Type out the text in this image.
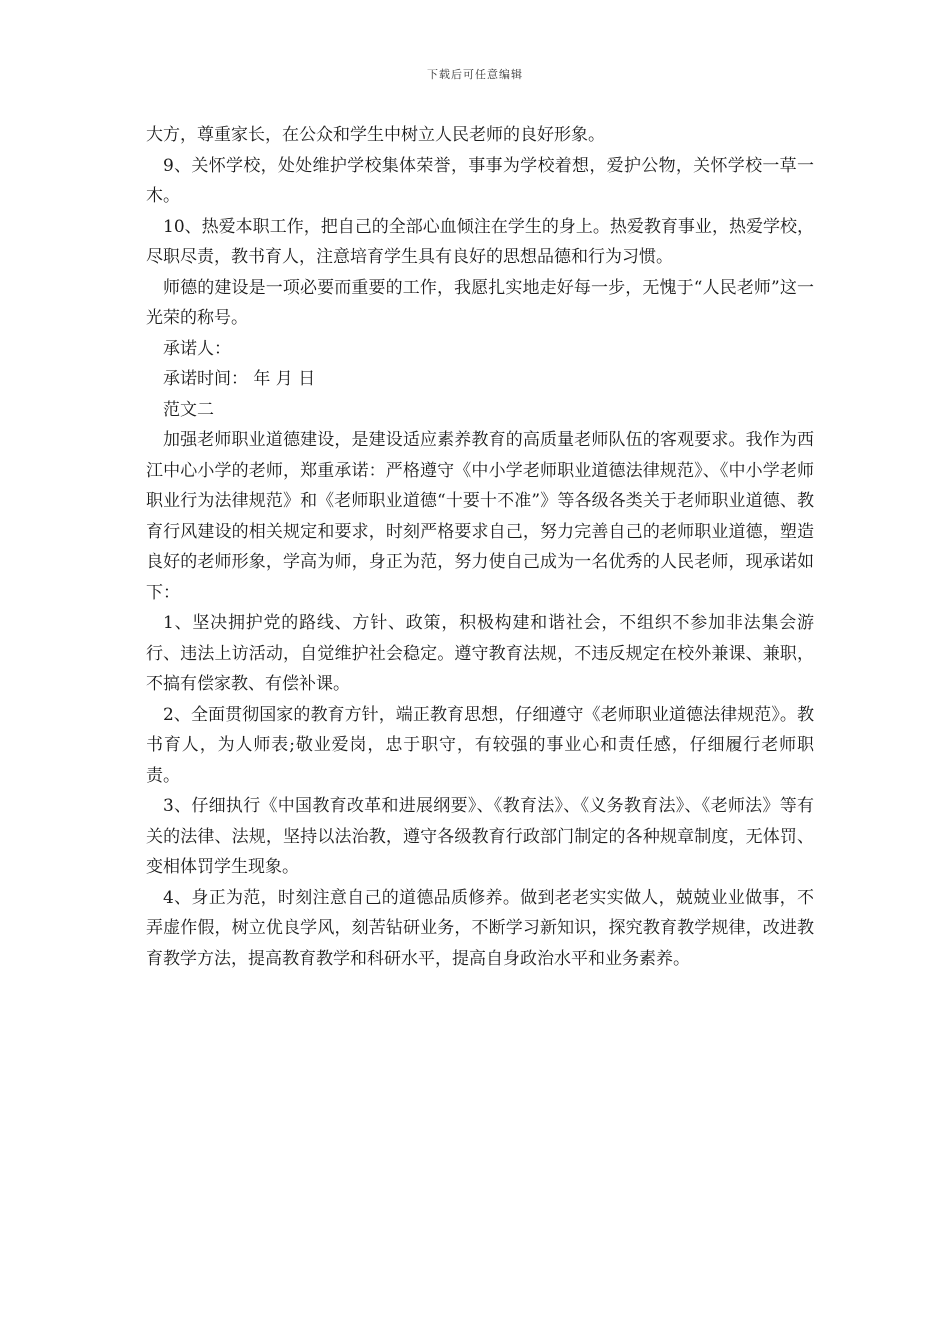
下载后可任意编辑

大方，尊重家长，在公众和学生中树立人民老师的良好形象。

9、关怀学校，处处维护学校集体荣誉，事事为学校着想，爱护公物，关怀学校一草一木。

10、热爱本职工作，把自己的全部心血倾注在学生的身上。热爱教育事业，热爱学校，尽职尽责，教书育人，注意培育学生具有良好的思想品德和行为习惯。

师德的建设是一项必要而重要的工作，我愿扎实地走好每一步，无愧于“人民老师”这一光荣的称号。

承诺人：

承诺时间： 年 月 日

范文二

加强老师职业道德建设，是建设适应素养教育的高质量老师队伍的客观要求。我作为西江中心小学的老师，郑重承诺：严格遵守《中小学老师职业道德法律规范》、《中小学老师职业行为法律规范》和《老师职业道德“十要十不准”》等各级各类关于老师职业道德、教育行风建设的相关规定和要求，时刻严格要求自己，努力完善自己的老师职业道德，塑造良好的老师形象，学高为师，身正为范，努力使自己成为一名优秀的人民老师，现承诺如下：

1、坚决拥护党的路线、方针、政策，积极构建和谐社会，不组织不参加非法集会游行、违法上访活动，自觉维护社会稳定。遵守教育法规，不违反规定在校外兼课、兼职，不搞有偿家教、有偿补课。

2、全面贯彻国家的教育方针，端正教育思想，仔细遵守《老师职业道德法律规范》。教书育人，为人师表;敬业爱岗，忠于职守，有较强的事业心和责任感，仔细履行老师职责。

3、仔细执行《中国教育改革和进展纲要》、《教育法》、《义务教育法》、《老师法》等有关的法律、法规，坚持以法治教，遵守各级教育行政部门制定的各种规章制度，无体罚、变相体罚学生现象。

4、身正为范，时刻注意自己的道德品质修养。做到老老实实做人，兢兢业业做事，不弄虚作假，树立优良学风，刻苦钻研业务，不断学习新知识，探究教育教学规律，改进教育教学方法，提高教育教学和科研水平，提高自身政治水平和业务素养。
